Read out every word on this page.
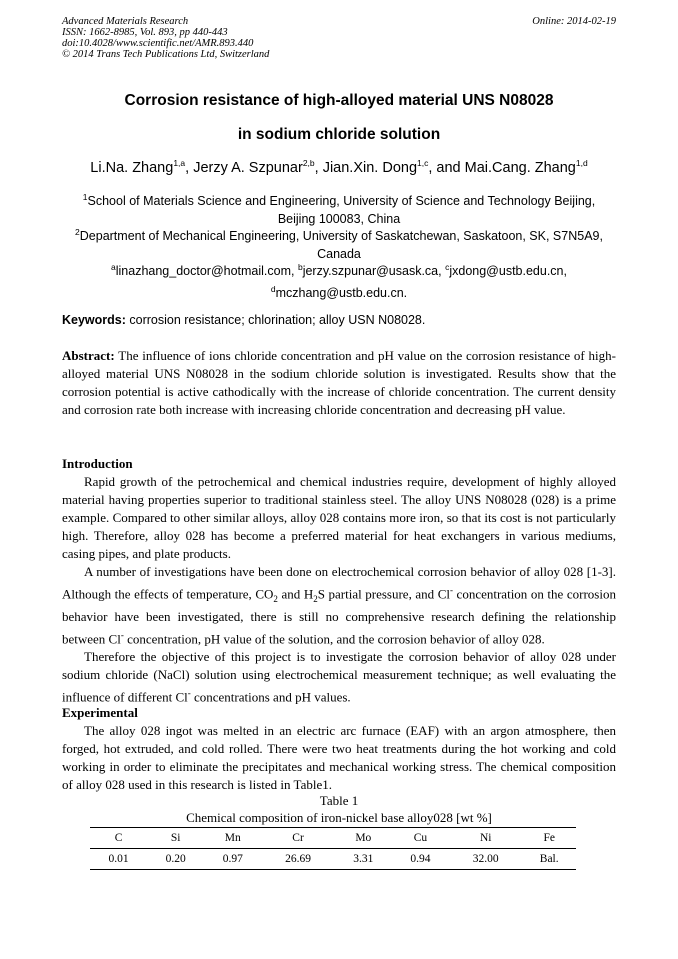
Advanced Materials Research
ISSN: 1662-8985, Vol. 893, pp 440-443
doi:10.4028/www.scientific.net/AMR.893.440
© 2014 Trans Tech Publications Ltd, Switzerland
Online: 2014-02-19
Corrosion resistance of high-alloyed material UNS N08028
in sodium chloride solution
Li.Na. Zhang$^{1,a}$, Jerzy A. Szpunar$^{2,b}$, Jian.Xin. Dong$^{1,c}$, and Mai.Cang. Zhang$^{1,d}$
$^1$School of Materials Science and Engineering, University of Science and Technology Beijing,
Beijing 100083, China
$^2$Department of Mechanical Engineering, University of Saskatchewan, Saskatoon, SK, S7N5A9,
Canada
$^a$linazhang_doctor@hotmail.com, $^b$jerzy.szpunar@usask.ca, $^c$jxdong@ustb.edu.cn,
$^d$mczhang@ustb.edu.cn.
Keywords: corrosion resistance; chlorination; alloy USN N08028.
Abstract: The influence of ions chloride concentration and pH value on the corrosion resistance of high-alloyed material UNS N08028 in the sodium chloride solution is investigated. Results show that the corrosion potential is active cathodically with the increase of chloride concentration. The current density and corrosion rate both increase with increasing chloride concentration and decreasing pH value.
Introduction

Rapid growth of the petrochemical and chemical industries require, development of highly alloyed material having properties superior to traditional stainless steel. The alloy UNS N08028 (028) is a prime example. Compared to other similar alloys, alloy 028 contains more iron, so that its cost is not particularly high. Therefore, alloy 028 has become a preferred material for heat exchangers in various mediums, casing pipes, and plate products.

A number of investigations have been done on electrochemical corrosion behavior of alloy 028 [1-3]. Although the effects of temperature, $CO_2$ and $H_2S$ partial pressure, and Cl- concentration on the corrosion behavior have been investigated, there is still no comprehensive research defining the relationship between Cl- concentration, pH value of the solution, and the corrosion behavior of alloy 028.

Therefore the objective of this project is to investigate the corrosion behavior of alloy 028 under sodium chloride (NaCl) solution using electrochemical measurement technique; as well evaluating the influence of different Cl- concentrations and pH values.

Experimental

The alloy 028 ingot was melted in an electric arc furnace (EAF) with an argon atmosphere, then forged, hot extruded, and cold rolled. There were two heat treatments during the hot working and cold working in order to eliminate the precipitates and mechanical working stress. The chemical composition of alloy 028 used in this research is listed in Table1.

Table 1
Chemical composition of iron-nickel base alloy028 [wt %]
C	Si	Mn	Cr	Mo	Cu	Ni	Fe
0.01	0.20	0.97	26.69	3.31	0.94	32.00	Bal.
